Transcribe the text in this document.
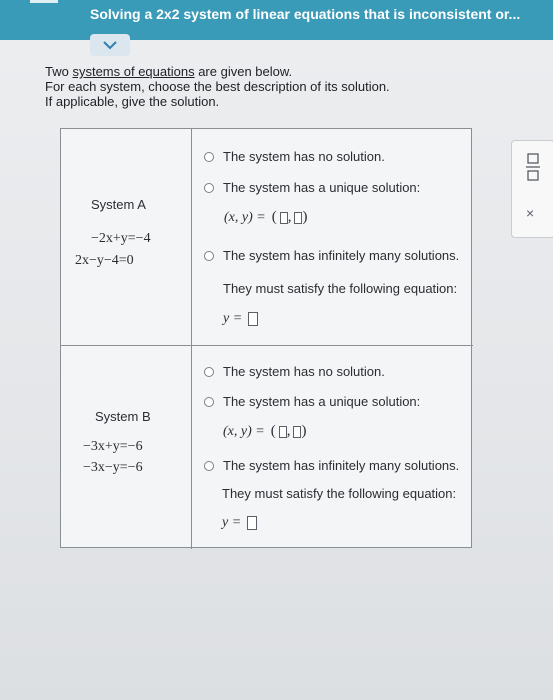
Solving a 2x2 system of linear equations that is inconsistent or...
Two systems of equations are given below.
For each system, choose the best description of its solution.
If applicable, give the solution.
System A
−2x+y=−4
2x−y−4=0
The system has no solution.
The system has a unique solution:
(x, y) = ( , )
The system has infinitely many solutions.
They must satisfy the following equation:
y =
System B
−3x+y=−6
−3x−y=−6
The system has no solution.
The system has a unique solution:
(x, y) = ( , )
The system has infinitely many solutions.
They must satisfy the following equation:
y =
×
